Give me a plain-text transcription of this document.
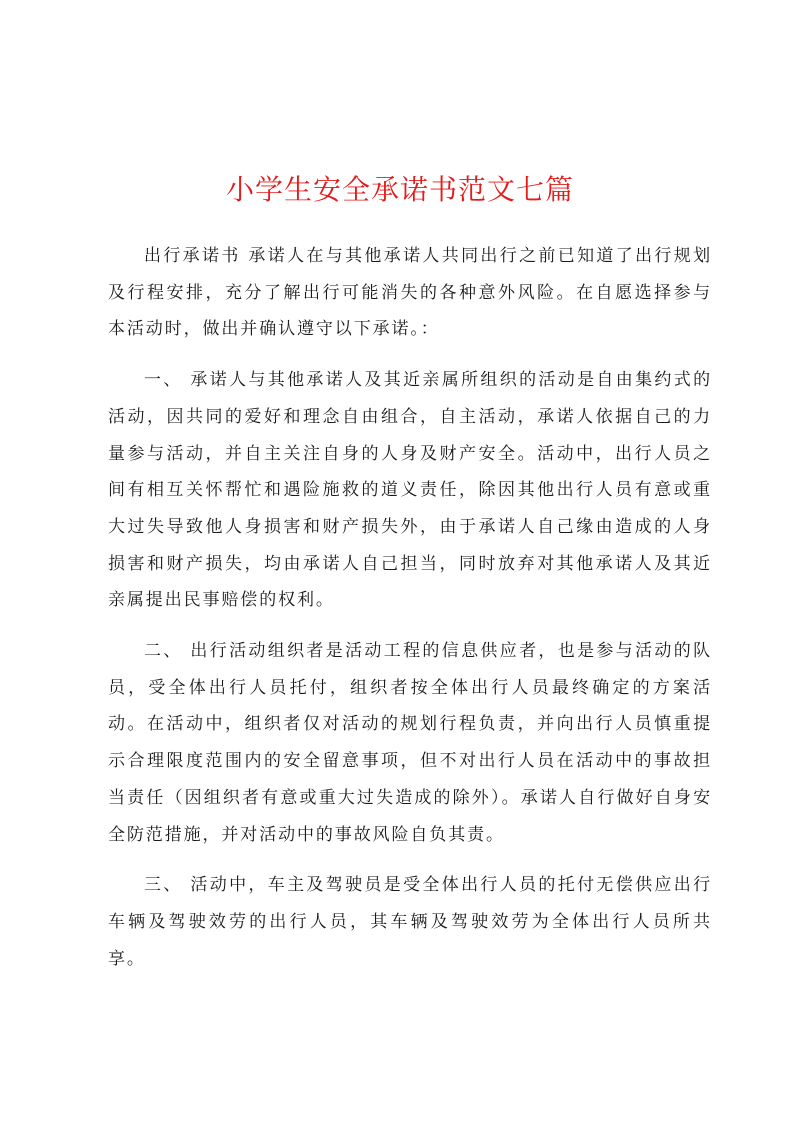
小学生安全承诺书范文七篇

出行承诺书 承诺人在与其他承诺人共同出行之前已知道了出行规划及行程安排，充分了解出行可能消失的各种意外风险。在自愿选择参与本活动时，做出并确认遵守以下承诺。：

一、 承诺人与其他承诺人及其近亲属所组织的活动是自由集约式的活动，因共同的爱好和理念自由组合，自主活动，承诺人依据自己的力量参与活动，并自主关注自身的人身及财产安全。活动中，出行人员之间有相互关怀帮忙和遇险施救的道义责任，除因其他出行人员有意或重大过失导致他人身损害和财产损失外，由于承诺人自己缘由造成的人身损害和财产损失，均由承诺人自己担当，同时放弃对其他承诺人及其近亲属提出民事赔偿的权利。

二、 出行活动组织者是活动工程的信息供应者，也是参与活动的队员，受全体出行人员托付，组织者按全体出行人员最终确定的方案活动。在活动中，组织者仅对活动的规划行程负责，并向出行人员慎重提示合理限度范围内的安全留意事项，但不对出行人员在活动中的事故担当责任（因组织者有意或重大过失造成的除外）。承诺人自行做好自身安全防范措施，并对活动中的事故风险自负其责。

三、 活动中，车主及驾驶员是受全体出行人员的托付无偿供应出行车辆及驾驶效劳的出行人员，其车辆及驾驶效劳为全体出行人员所共享。
